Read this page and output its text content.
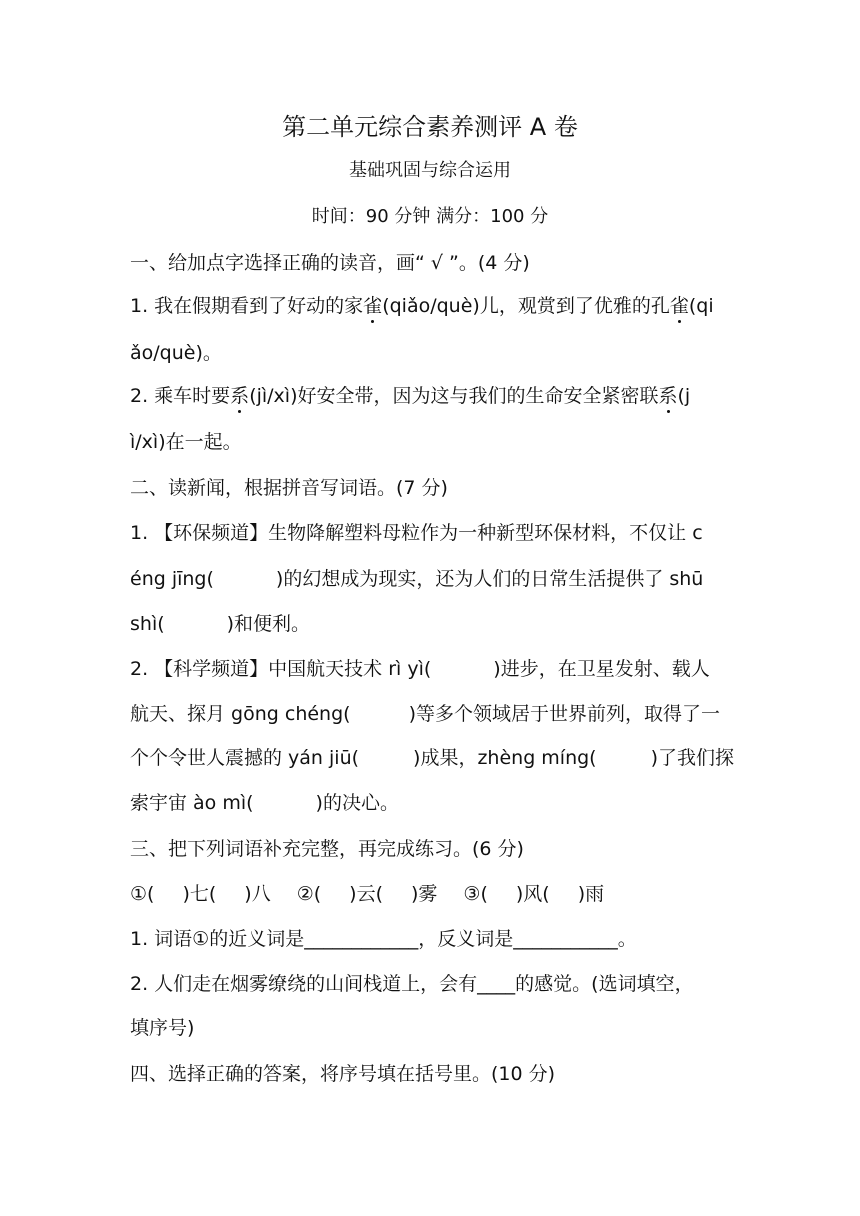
第二单元综合素养测评 A 卷
基础巩固与综合运用
时间：90 分钟 满分：100 分
一、给加点字选择正确的读音，画“ √ ”。(4 分)
1. 我在假期看到了好动的家雀(qiǎo/què)儿，观赏到了优雅的孔雀(qi
ǎo/què)。
2. 乘车时要系(jì/xì)好安全带，因为这与我们的生命安全紧密联系(j
ì/xì)在一起。
二、读新闻，根据拼音写词语。(7 分)
1. 【环保频道】生物降解塑料母粒作为一种新型环保材料，不仅让 c
éng jīng(	)的幻想成为现实，还为人们的日常生活提供了 shū
shì(	)和便利。
2. 【科学频道】中国航天技术 rì yì(	)进步，在卫星发射、载人
航天、探月 gōng chéng(	)等多个领域居于世界前列，取得了一
个个令世人震撼的 yán jiū(	)成果，zhèng míng(	)了我们探
索宇宙 ào mì(	)的决心。
三、把下列词语补充完整，再完成练习。(6 分)
①( )七( )八 ②( )云( )雾 ③( )风( )雨
1. 词语①的近义词是____________，反义词是___________。
2. 人们走在烟雾缭绕的山间栈道上，会有____的感觉。(选词填空，
填序号)
四、选择正确的答案，将序号填在括号里。(10 分)
